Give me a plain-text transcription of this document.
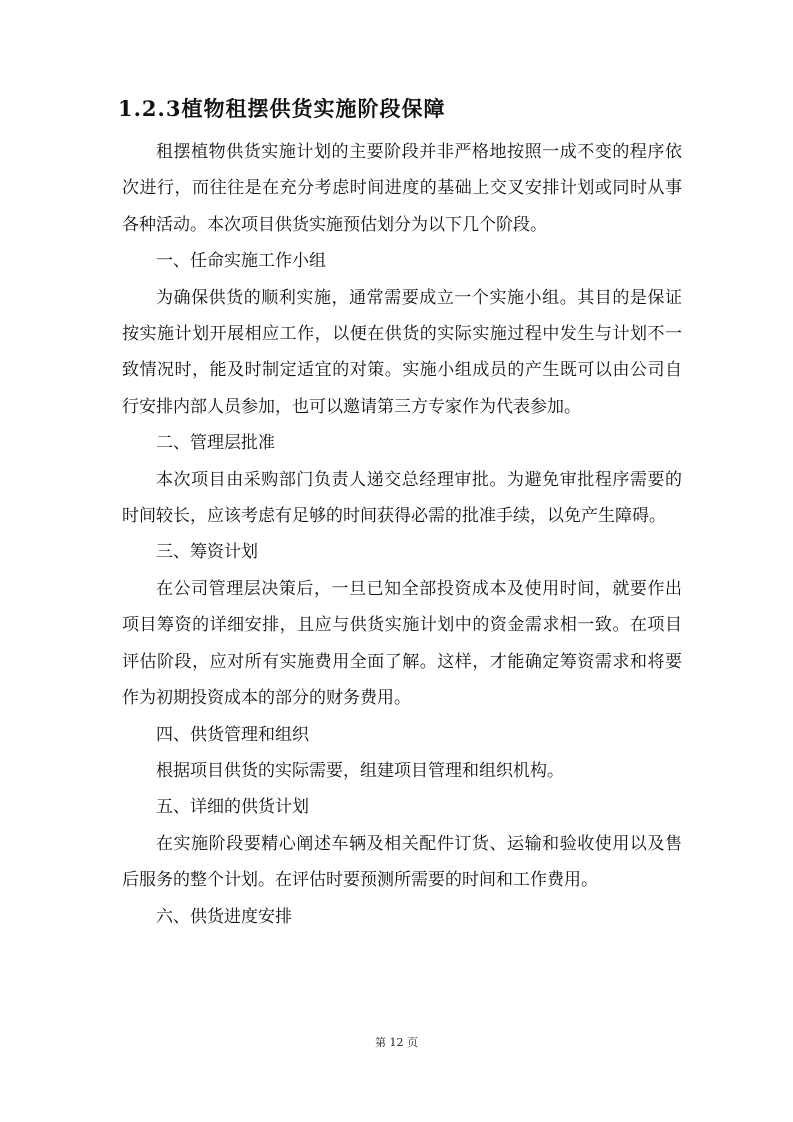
1.2.3植物租摆供货实施阶段保障

租摆植物供货实施计划的主要阶段并非严格地按照一成不变的程序依次进行，而往往是在充分考虑时间进度的基础上交叉安排计划或同时从事各种活动。本次项目供货实施预估划分为以下几个阶段。

一、任命实施工作小组

为确保供货的顺利实施，通常需要成立一个实施小组。其目的是保证按实施计划开展相应工作，以便在供货的实际实施过程中发生与计划不一致情况时，能及时制定适宜的对策。实施小组成员的产生既可以由公司自行安排内部人员参加，也可以邀请第三方专家作为代表参加。

二、管理层批准

本次项目由采购部门负责人递交总经理审批。为避免审批程序需要的时间较长，应该考虑有足够的时间获得必需的批准手续，以免产生障碍。

三、筹资计划

在公司管理层决策后，一旦已知全部投资成本及使用时间，就要作出项目筹资的详细安排，且应与供货实施计划中的资金需求相一致。在项目评估阶段，应对所有实施费用全面了解。这样，才能确定筹资需求和将要作为初期投资成本的部分的财务费用。

四、供货管理和组织

根据项目供货的实际需要，组建项目管理和组织机构。

五、详细的供货计划

在实施阶段要精心阐述车辆及相关配件订货、运输和验收使用以及售后服务的整个计划。在评估时要预测所需要的时间和工作费用。

六、供货进度安排

第 12 页
